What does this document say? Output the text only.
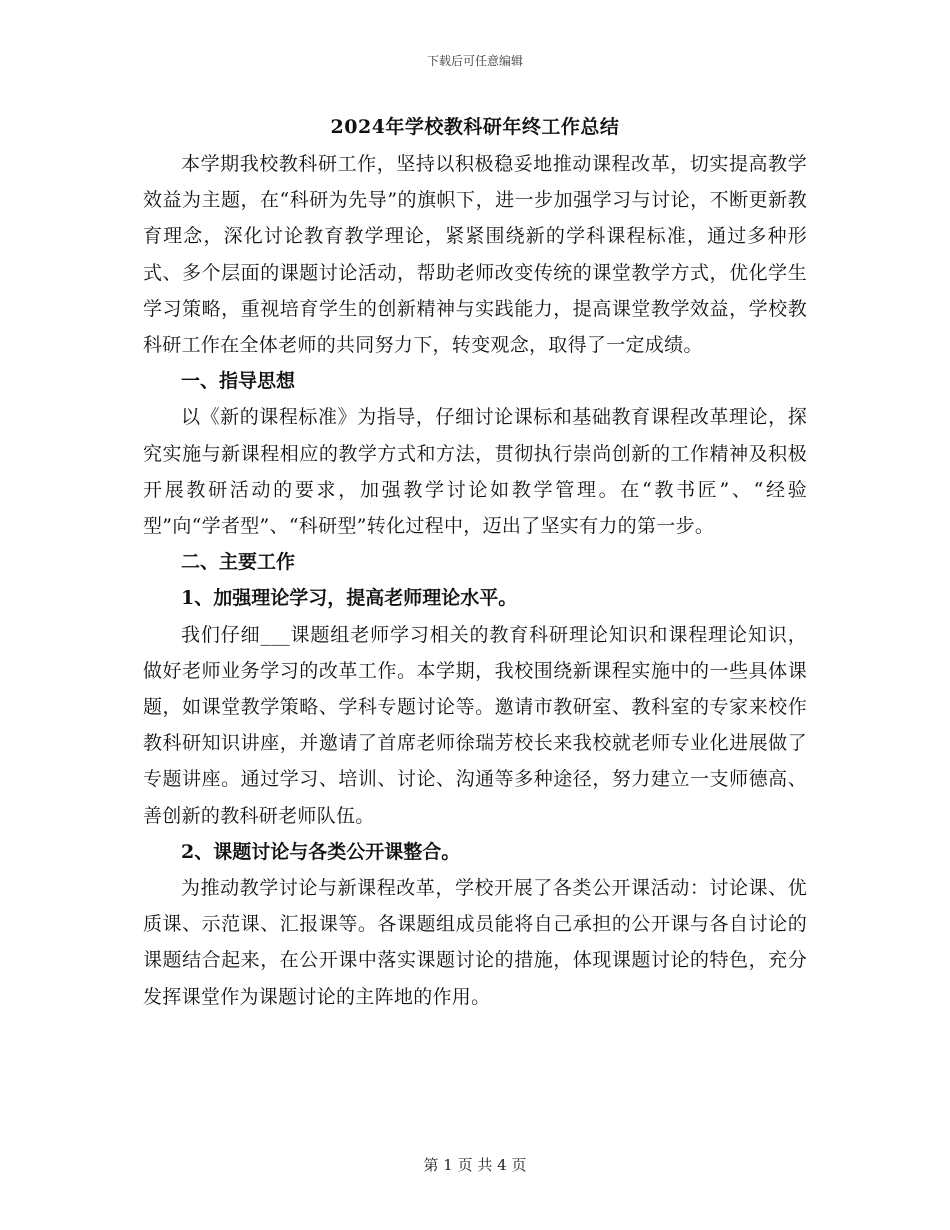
下载后可任意编辑
2024年学校教科研年终工作总结

本学期我校教科研工作，坚持以积极稳妥地推动课程改革，切实提高教学效益为主题，在“科研为先导”的旗帜下，进一步加强学习与讨论，不断更新教育理念，深化讨论教育教学理论，紧紧围绕新的学科课程标准，通过多种形式、多个层面的课题讨论活动，帮助老师改变传统的课堂教学方式，优化学生学习策略，重视培育学生的创新精神与实践能力，提高课堂教学效益，学校教科研工作在全体老师的共同努力下，转变观念，取得了一定成绩。

一、指导思想

以《新的课程标准》为指导，仔细讨论课标和基础教育课程改革理论，探究实施与新课程相应的教学方式和方法，贯彻执行崇尚创新的工作精神及积极开展教研活动的要求，加强教学讨论如教学管理。在“教书匠”、“经验型”向“学者型”、“科研型”转化过程中，迈出了坚实有力的第一步。

二、主要工作

1、加强理论学习，提高老师理论水平。

我们仔细___课题组老师学习相关的教育科研理论知识和课程理论知识，做好老师业务学习的改革工作。本学期，我校围绕新课程实施中的一些具体课题，如课堂教学策略、学科专题讨论等。邀请市教研室、教科室的专家来校作教科研知识讲座，并邀请了首席老师徐瑞芳校长来我校就老师专业化进展做了专题讲座。通过学习、培训、讨论、沟通等多种途径，努力建立一支师德高、善创新的教科研老师队伍。

2、课题讨论与各类公开课整合。

为推动教学讨论与新课程改革，学校开展了各类公开课活动：讨论课、优质课、示范课、汇报课等。各课题组成员能将自己承担的公开课与各自讨论的课题结合起来，在公开课中落实课题讨论的措施，体现课题讨论的特色，充分发挥课堂作为课题讨论的主阵地的作用。

第 1 页 共 4 页
